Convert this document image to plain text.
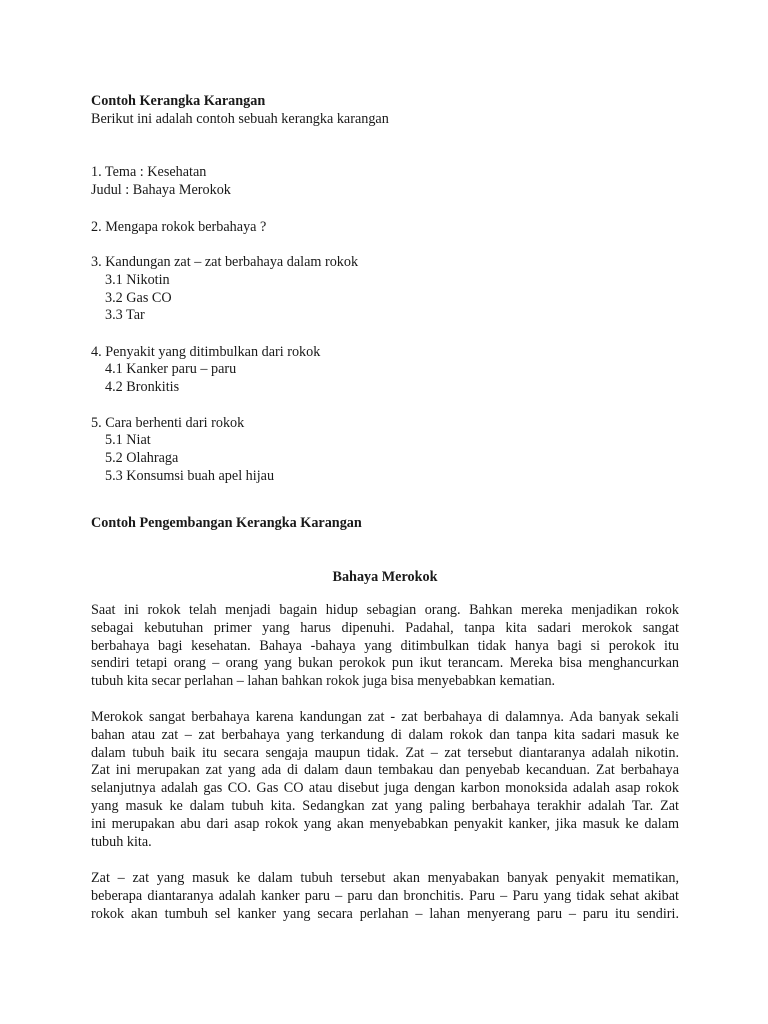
Contoh Kerangka Karangan
Berikut ini adalah contoh sebuah kerangka karangan
1. Tema : Kesehatan
Judul : Bahaya Merokok
2. Mengapa rokok berbahaya ?
3. Kandungan zat – zat berbahaya dalam rokok
3.1 Nikotin
3.2 Gas CO
3.3 Tar
4. Penyakit yang ditimbulkan dari rokok
4.1 Kanker paru – paru
4.2 Bronkitis
5. Cara berhenti dari rokok
5.1 Niat
5.2 Olahraga
5.3 Konsumsi buah apel hijau
Contoh Pengembangan Kerangka Karangan
Bahaya Merokok
Saat ini rokok telah menjadi bagain hidup sebagian orang. Bahkan mereka menjadikan rokok
sebagai kebutuhan primer yang harus dipenuhi. Padahal, tanpa kita sadari merokok sangat
berbahaya bagi kesehatan. Bahaya -bahaya yang ditimbulkan tidak hanya bagi si perokok itu
sendiri tetapi orang – orang yang bukan perokok pun ikut terancam. Mereka bisa menghancurkan
tubuh kita secar perlahan – lahan bahkan rokok juga bisa menyebabkan kematian.
Merokok sangat berbahaya karena kandungan zat - zat berbahaya di dalamnya. Ada banyak sekali
bahan atau zat – zat berbahaya yang terkandung di dalam rokok dan tanpa kita sadari masuk ke
dalam tubuh baik itu secara sengaja maupun tidak. Zat – zat tersebut diantaranya adalah nikotin.
Zat ini merupakan zat yang ada di dalam daun tembakau dan penyebab kecanduan. Zat berbahaya
selanjutnya adalah gas CO. Gas CO atau disebut juga dengan karbon monoksida adalah asap rokok
yang masuk ke dalam tubuh kita. Sedangkan zat yang paling berbahaya terakhir adalah Tar. Zat
ini merupakan abu dari asap rokok yang akan menyebabkan penyakit kanker, jika masuk ke dalam
tubuh kita.
Zat – zat yang masuk ke dalam tubuh tersebut akan menyabakan banyak penyakit mematikan,
beberapa diantaranya adalah kanker paru – paru dan bronchitis. Paru – Paru yang tidak sehat akibat
rokok akan tumbuh sel kanker yang secara perlahan – lahan menyerang paru – paru itu sendiri.
